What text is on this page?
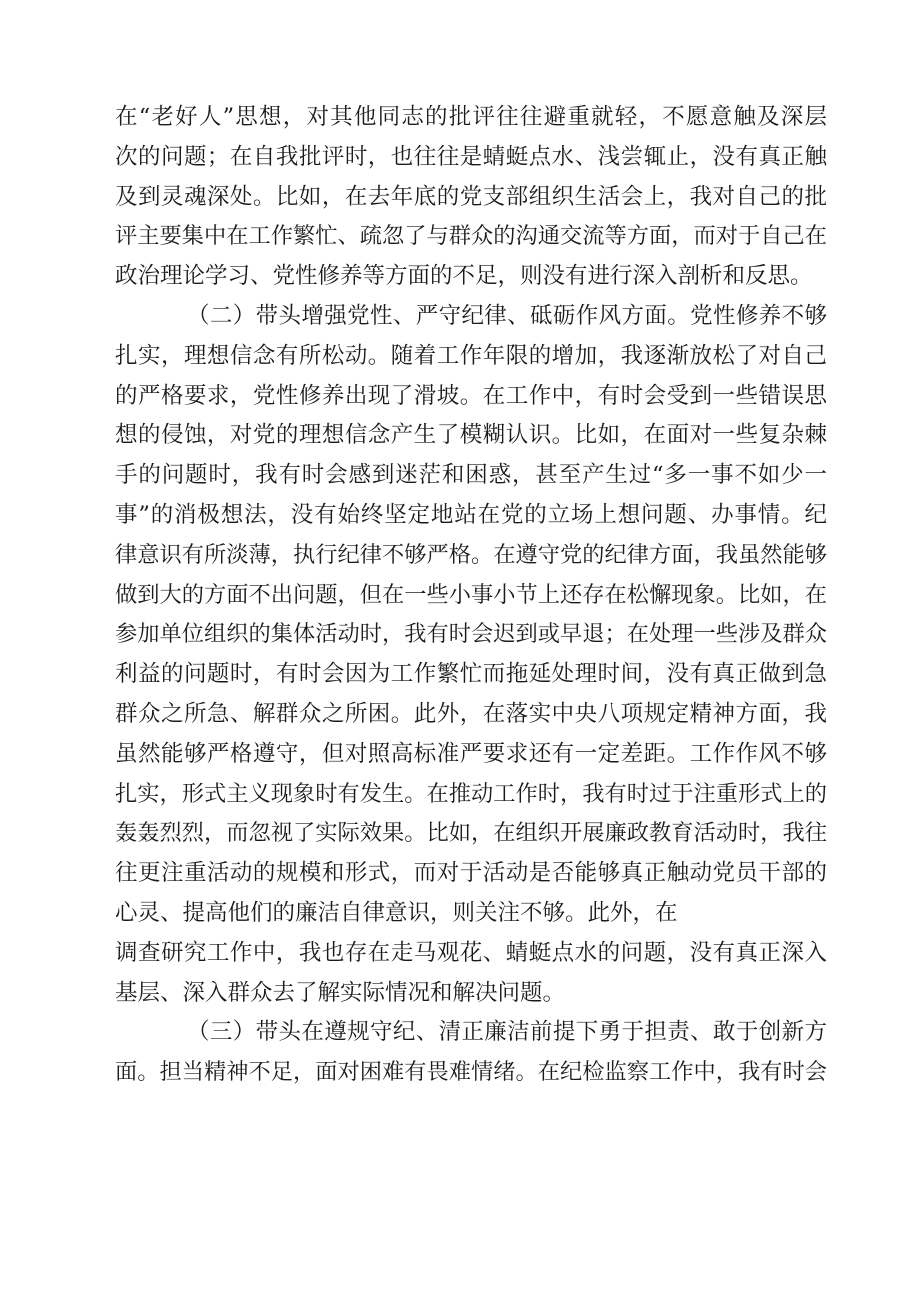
在“老好人”思想，对其他同志的批评往往避重就轻，不愿意触及深层
次的问题；在自我批评时，也往往是蜻蜓点水、浅尝辄止，没有真正触
及到灵魂深处。比如，在去年底的党支部组织生活会上，我对自己的批
评主要集中在工作繁忙、疏忽了与群众的沟通交流等方面，而对于自己在
政治理论学习、党性修养等方面的不足，则没有进行深入剖析和反思。
（二）带头增强党性、严守纪律、砥砺作风方面。党性修养不够
扎实，理想信念有所松动。随着工作年限的增加，我逐渐放松了对自己
的严格要求，党性修养出现了滑坡。在工作中，有时会受到一些错误思
想的侵蚀，对党的理想信念产生了模糊认识。比如，在面对一些复杂棘
手的问题时，我有时会感到迷茫和困惑，甚至产生过“多一事不如少一
事”的消极想法，没有始终坚定地站在党的立场上想问题、办事情。纪
律意识有所淡薄，执行纪律不够严格。在遵守党的纪律方面，我虽然能够
做到大的方面不出问题，但在一些小事小节上还存在松懈现象。比如，在
参加单位组织的集体活动时，我有时会迟到或早退；在处理一些涉及群众
利益的问题时，有时会因为工作繁忙而拖延处理时间，没有真正做到急
群众之所急、解群众之所困。此外，在落实中央八项规定精神方面，我
虽然能够严格遵守，但对照高标准严要求还有一定差距。工作作风不够
扎实，形式主义现象时有发生。在推动工作时，我有时过于注重形式上的
轰轰烈烈，而忽视了实际效果。比如，在组织开展廉政教育活动时，我往
往更注重活动的规模和形式，而对于活动是否能够真正触动党员干部的
心灵、提高他们的廉洁自律意识，则关注不够。此外，在
调查研究工作中，我也存在走马观花、蜻蜓点水的问题，没有真正深入
基层、深入群众去了解实际情况和解决问题。
（三）带头在遵规守纪、清正廉洁前提下勇于担责、敢于创新方
面。担当精神不足，面对困难有畏难情绪。在纪检监察工作中，我有时会
